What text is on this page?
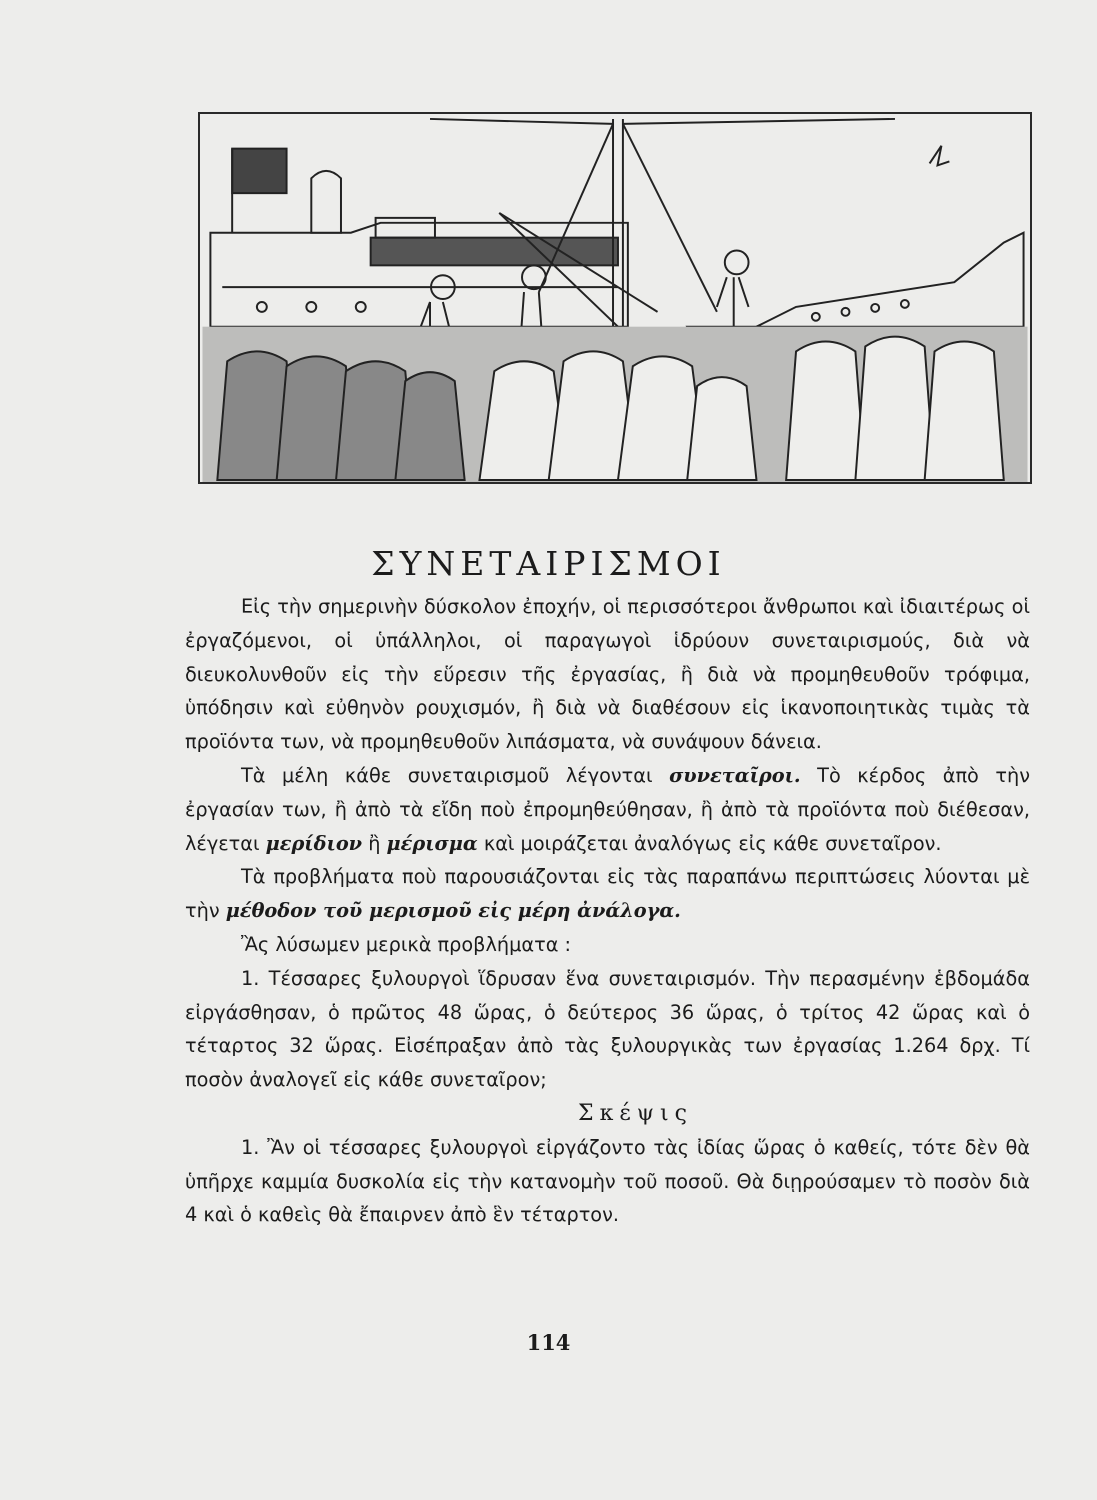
ΣΥΝΕΤΑΙΡΙΣΜΟΙ

Εἰς τὴν σημερινὴν δύσκολον ἐποχήν, οἱ περισσότεροι ἄνθρωποι καὶ ἰδιαιτέρως οἱ ἐργαζόμενοι, οἱ ὑπάλληλοι, οἱ παραγωγοὶ ἱδρύουν συνεταιρισμούς, διὰ νὰ διευκολυνθοῦν εἰς τὴν εὕρεσιν τῆς ἐργασίας, ἢ διὰ νὰ προμηθευθοῦν τρόφιμα, ὑπόδησιν καὶ εὐθηνὸν ρουχισμόν, ἢ διὰ νὰ διαθέσουν εἰς ἱκανοποιητικὰς τιμὰς τὰ προϊόντα των, νὰ προμηθευθοῦν λιπάσματα, νὰ συνάψουν δάνεια.

Τὰ μέλη κάθε συνεταιρισμοῦ λέγονται συνεταῖροι. Τὸ κέρδος ἀπὸ τὴν ἐργασίαν των, ἢ ἀπὸ τὰ εἴδη ποὺ ἐπρομηθεύθησαν, ἢ ἀπὸ τὰ προϊόντα ποὺ διέθεσαν, λέγεται μερίδιον ἢ μέρισμα καὶ μοιράζεται ἀναλόγως εἰς κάθε συνεταῖρον.

Τὰ προβλήματα ποὺ παρουσιάζονται εἰς τὰς παραπάνω περιπτώσεις λύονται μὲ τὴν μέθοδον τοῦ μερισμοῦ εἰς μέρη ἀνάλογα.

Ἂς λύσωμεν μερικὰ προβλήματα :

1. Τέσσαρες ξυλουργοὶ ἵδρυσαν ἕνα συνεταιρισμόν. Τὴν περασμένην ἑβδομάδα εἰργάσθησαν, ὁ πρῶτος 48 ὥρας, ὁ δεύτερος 36 ὥρας, ὁ τρίτος 42 ὥρας καὶ ὁ τέταρτος 32 ὥρας. Εἰσέπραξαν ἀπὸ τὰς ξυλουργικὰς των ἐργασίας 1.264 δρχ. Τί ποσὸν ἀναλογεῖ εἰς κάθε συνεταῖρον;

Σκέψις

1. Ἂν οἱ τέσσαρες ξυλουργοὶ εἰργάζοντο τὰς ἰδίας ὥρας ὁ καθείς, τότε δὲν θὰ ὑπῆρχε καμμία δυσκολία εἰς τὴν κατανομὴν τοῦ ποσοῦ. Θὰ διῃρούσαμεν τὸ ποσὸν διὰ 4 καὶ ὁ καθεὶς θὰ ἔπαιρνεν ἀπὸ ἓν τέταρτον.

114
